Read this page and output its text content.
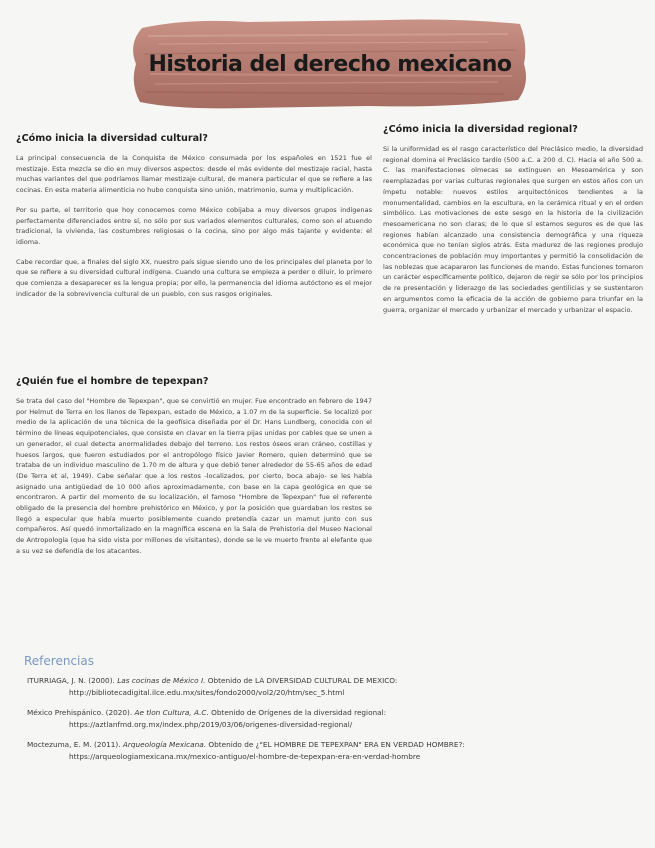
Historia del derecho mexicano
¿Cómo inicia la diversidad cultural?

La principal consecuencia de la Conquista de México consumada por los españoles en 1521 fue el mestizaje. Esta mezcla se dio en muy diversos aspectos: desde el más evidente del mestizaje racial, hasta muchas variantes del que podríamos llamar mestizaje cultural, de manera particular el que se refiere a las cocinas. En esta materia alimenticia no hubo conquista sino unión, matrimonio, suma y multiplicación.

Por su parte, el territorio que hoy conocemos como México cobijaba a muy diversos grupos indígenas perfectamente diferenciados entre sí, no sólo por sus variados elementos culturales, como son el atuendo tradicional, la vivienda, las costumbres religiosas o la cocina, sino por algo más tajante y evidente: el idioma.

Cabe recordar que, a finales del siglo XX, nuestro país sigue siendo uno de los principales del planeta por lo que se refiere a su diversidad cultural indígena. Cuando una cultura se empieza a perder o diluir, lo primero que comienza a desaparecer es la lengua propia; por ello, la permanencia del idioma autóctono es el mejor indicador de la sobrevivencia cultural de un pueblo, con sus rasgos originales.

¿Quién fue el hombre de tepexpan?

Se trata del caso del "Hombre de Tepexpan", que se convirtió en mujer. Fue encontrado en febrero de 1947 por Helmut de Terra en los llanos de Tepexpan, estado de México, a 1.07 m de la superficie. Se localizó por medio de la aplicación de una técnica de la geofísica diseñada por el Dr. Hans Lundberg, conocida con el término de líneas equipotenciales, que consiste en clavar en la tierra pijas unidas por cables que se unen a un generador, el cual detecta anormalidades debajo del terreno. Los restos óseos eran cráneo, costillas y huesos largos, que fueron estudiados por el antropólogo físico Javier Romero, quien determinó que se trataba de un individuo masculino de 1.70 m de altura y que debió tener alrededor de 55-65 años de edad (De Terra et al, 1949). Cabe señalar que a los restos -localizados, por cierto, boca abajo- se les había asignado una antigüedad de 10 000 años aproximadamente, con base en la capa geológica en que se encontraron. A partir del momento de su localización, el famoso "Hombre de Tepexpan" fue el referente obligado de la presencia del hombre prehistórico en México, y por la posición que guardaban los restos se llegó a especular que había muerto posiblemente cuando pretendía cazar un mamut junto con sus compañeros. Así quedó inmortalizado en la magnífica escena en la Sala de Prehistoria del Museo Nacional de Antropología (que ha sido vista por millones de visitantes), donde se le ve muerto frente al elefante que a su vez se defendía de los atacantes.

¿Cómo inicia la diversidad regional?

Si la uniformidad es el rasgo característico del Preclásico medio, la diversidad regional domina el Preclásico tardío (500 a.C. a 200 d. C). Hacia el año 500 a. C. las manifestaciones olmecas se extinguen en Mesoamérica y son reemplazadas por varias culturas regionales que surgen en estos años con un ímpetu notable: nuevos estilos arquitectónicos tendientes a la monumentalidad, cambios en la escultura, en la cerámica ritual y en el orden simbólico. Las motivaciones de este sesgo en la historia de la civilización mesoamericana no son claras; de lo que sí estamos seguros es de que las regiones habían alcanzado una consistencia demográfica y una riqueza económica que no tenían siglos atrás. Esta madurez de las regiones produjo concentraciones de población muy importantes y permitió la consolidación de las noblezas que acapararon las funciones de mando. Estas funciones tomaron un carácter específicamente político, dejaron de regir se sólo por los principios de re presentación y liderazgo de las sociedades gentilicias y se sustentaron en argumentos como la eficacia de la acción de gobierno para triunfar en la guerra, organizar el mercado y urbanizar el mercado y urbanizar el espacio.

Referencias
ITURRIAGA, J. N. (2000). Las cocinas de México I. Obtenido de LA DIVERSIDAD CULTURAL DE MEXICO:
http://bibliotecadigital.ilce.edu.mx/sites/fondo2000/vol2/20/htm/sec_5.html
México Prehispánico. (2020). Ae tlon Cultura, A.C. Obtenido de Orígenes de la diversidad regional:
https://aztlanfmd.org.mx/index.php/2019/03/06/origenes-diversidad-regional/
Moctezuma, E. M. (2011). Arqueología Mexicana. Obtenido de ¿"EL HOMBRE DE TEPEXPAN" ERA EN VERDAD HOMBRE?:
https://arqueologiamexicana.mx/mexico-antiguo/el-hombre-de-tepexpan-era-en-verdad-hombre
